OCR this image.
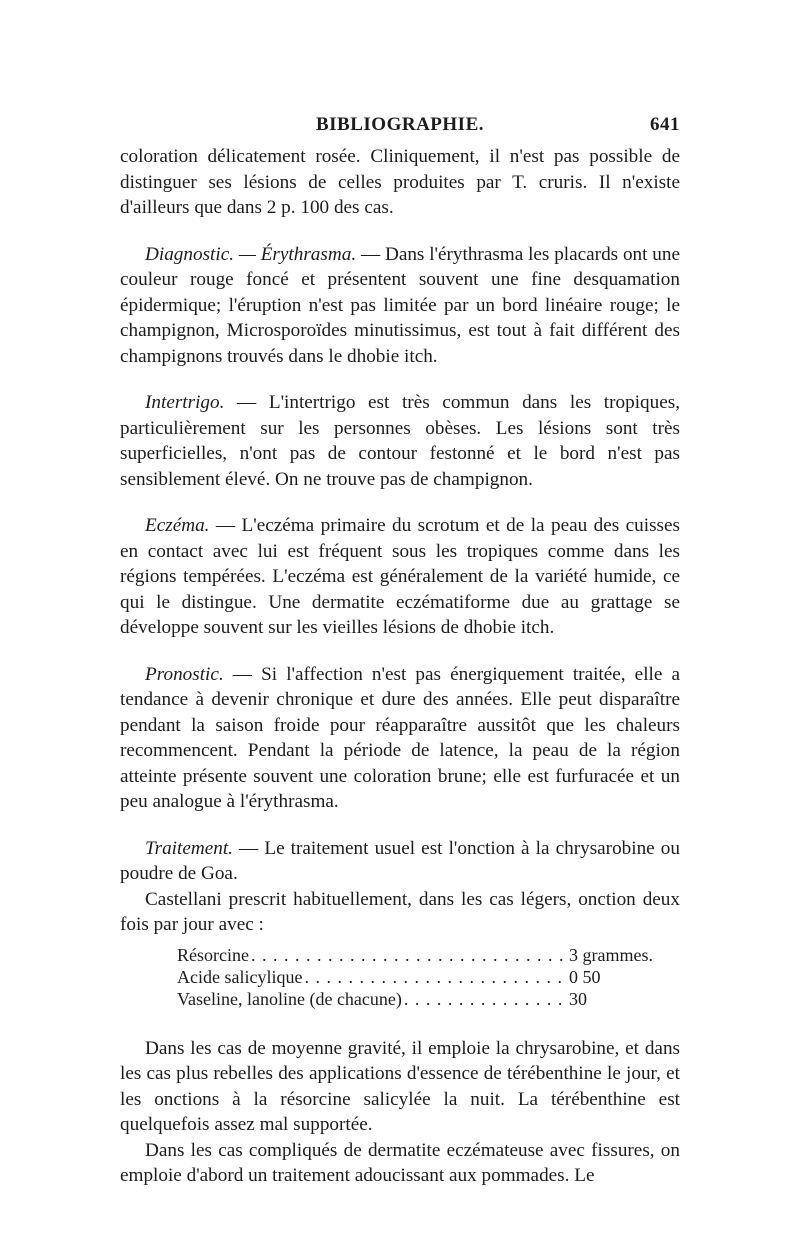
BIBLIOGRAPHIE.	641

coloration délicatement rosée. Cliniquement, il n'est pas possible de distinguer ses lésions de celles produites par T. cruris. Il n'existe d'ailleurs que dans 2 p. 100 des cas.

Diagnostic. — Érythrasma. — Dans l'érythrasma les placards ont une couleur rouge foncé et présentent souvent une fine desquamation épidermique; l'éruption n'est pas limitée par un bord linéaire rouge; le champignon, Microsporoïdes minutissimus, est tout à fait différent des champignons trouvés dans le dhobie itch.

Intertrigo. — L'intertrigo est très commun dans les tropiques, particulièrement sur les personnes obèses. Les lésions sont très superficielles, n'ont pas de contour festonné et le bord n'est pas sensiblement élevé. On ne trouve pas de champignon.

Eczéma. — L'eczéma primaire du scrotum et de la peau des cuisses en contact avec lui est fréquent sous les tropiques comme dans les régions tempérées. L'eczéma est généralement de la variété humide, ce qui le distingue. Une dermatite eczématiforme due au grattage se développe souvent sur les vieilles lésions de dhobie itch.

Pronostic. — Si l'affection n'est pas énergiquement traitée, elle a tendance à devenir chronique et dure des années. Elle peut disparaître pendant la saison froide pour réapparaître aussitôt que les chaleurs recommencent. Pendant la période de latence, la peau de la région atteinte présente souvent une coloration brune; elle est furfuracée et un peu analogue à l'érythrasma.

Traitement. — Le traitement usuel est l'onction à la chrysarobine ou poudre de Goa.

Castellani prescrit habituellement, dans les cas légers, onction deux fois par jour avec :

Résorcine . . .	3 grammes.
Acide salicylique . . .	0 50
Vaseline, lanoline (de chacune) . . .	30

Dans les cas de moyenne gravité, il emploie la chrysarobine, et dans les cas plus rebelles des applications d'essence de térébenthine le jour, et les onctions à la résorcine salicylée la nuit. La térébenthine est quelquefois assez mal supportée.

Dans les cas compliqués de dermatite eczémateuse avec fissures, on emploie d'abord un traitement adoucissant aux pommades. Le
